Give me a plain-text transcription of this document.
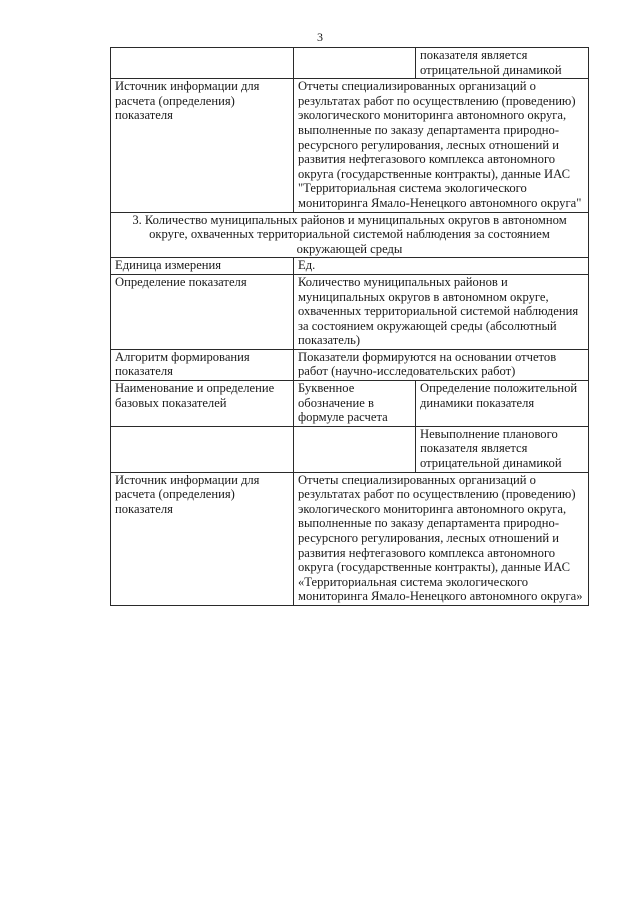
3
		показателя является отрицательной динамикой
Источник информации для расчета (определения) показателя	Отчеты специализированных организаций о результатах работ по осуществлению (проведению) экологического мониторинга автономного округа, выполненные по заказу департамента природно-ресурсного регулирования, лесных отношений и развития нефтегазового комплекса автономного округа (государственные контракты), данные ИАС "Территориальная система экологического мониторинга Ямало-Ненецкого автономного округа"	
3. Количество муниципальных районов и муниципальных округов в автономном округе, охваченных территориальной системой наблюдения за состоянием окружающей среды		
Единица измерения	Ед.	
Определение показателя	Количество муниципальных районов и муниципальных округов в автономном округе, охваченных территориальной системой наблюдения за состоянием окружающей среды (абсолютный показатель)	
Алгоритм формирования показателя	Показатели формируются на основании отчетов работ (научно-исследовательских работ)	
Наименование и определение базовых показателей	Буквенное обозначение в формуле расчета	Определение положительной динамики показателя
		Невыполнение планового показателя является отрицательной динамикой
Источник информации для расчета (определения) показателя	Отчеты специализированных организаций о результатах работ по осуществлению (проведению) экологического мониторинга автономного округа, выполненные по заказу департамента природно-ресурсного регулирования, лесных отношений и развития нефтегазового комплекса автономного округа (государственные контракты), данные ИАС «Территориальная система экологического мониторинга Ямало-Ненецкого автономного округа»	
